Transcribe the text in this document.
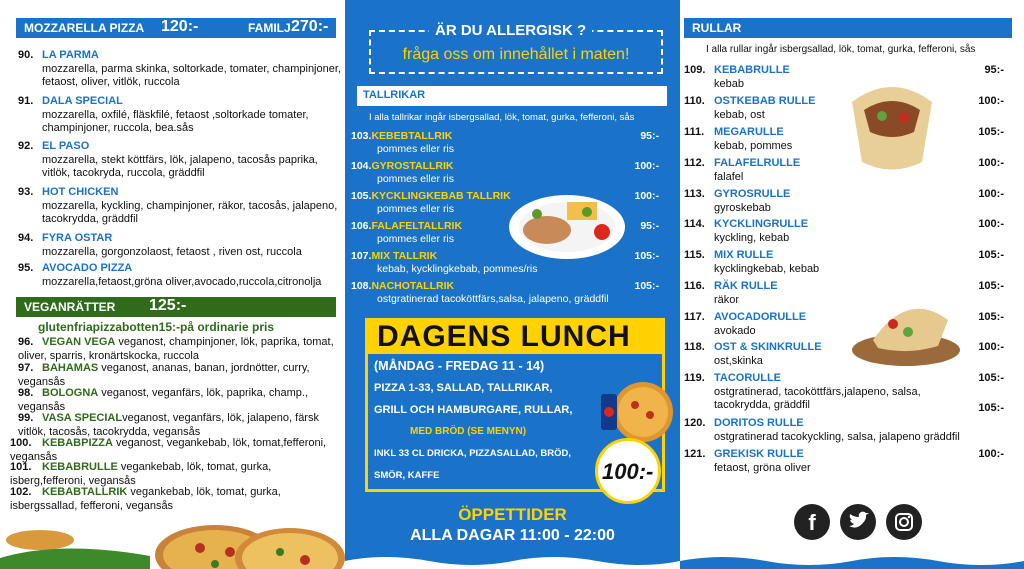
MOZZARELLA PIZZA 120:-	FAMILJ 270:-
90. LA PARMA
mozzarella, parma skinka, soltorkade, tomater, champinjoner, fetaost, oliver, vitlök, ruccola
91. DALA SPECIAL
mozzarella, oxfilé, fläskfilé, fetaost ,soltorkade tomater, champinjoner, ruccola, bea.sås
92. EL PASO
mozzarella, stekt köttfärs, lök, jalapeno, tacosås paprika, vitlök, tacokryda, ruccola, gräddfil
93. HOT CHICKEN
mozzarella, kyckling, champinjoner, räkor, tacosås, jalapeno, tacokrydda, gräddfil
94. FYRA OSTAR
mozzarella, gorgonzolaost, fetaost , riven ost, ruccola
95. AVOCADO PIZZA
mozzarella,fetaost,gröna oliver,avocado,ruccola,citronolja
VEGANRÄTTER 125:-
glutenfriapizzabotten15:-på ordinarie pris
96. VEGAN VEGA veganost, champinjoner, lök, paprika, tomat, oliver, sparris, kronärtskocka, ruccola
97. BAHAMAS veganost, ananas, banan, jordnötter, curry, vegansås
98. BOLOGNA veganost, veganfärs, lök, paprika, champ., vegansås
99. VASA SPECIALveganost, veganfärs, lök, jalapeno, färsk vitlök, tacosås, tacokrydda, vegansås
100. KEBABPIZZA veganost, vegankebab, lök, tomat,fefferoni, vegansås
101. KEBABRULLE vegankebab, lök, tomat, gurka, isberg,fefferoni, vegansås
102. KEBABTALLRIK vegankebab, lök, tomat, gurka, isbergssallad, fefferoni, vegansås
ÄR DU ALLERGISK ?
fråga oss om innehållet i maten!
TALLRIKAR
I alla tallrikar ingår isbergsallad, lök, tomat, gurka, fefferoni, sås
103.KEBEBTALLRIK
pommes eller ris
95:-
104.GYROSTALLRIK
pommes eller ris
100:-
105.KYCKLINGKEBAB TALLRIK
pommes eller ris
100:-
106.FALAFELTALLRIK
pommes eller ris
95:-
107.MIX TALLRIK
kebab, kycklingkebab, pommes/ris
105:-
108.NACHOTALLRIK
ostgratinerad tacoköttfärs,salsa, jalapeno, gräddfil
105:-
DAGENS LUNCH
(MÅNDAG - FREDAG 11 - 14)
PIZZA 1-33, SALLAD, TALLRIKAR,
GRILL OCH HAMBURGARE, RULLAR,
MED BRÖD (SE MENYN)
INKL 33 CL DRICKA, PIZZASALLAD, BRÖD,
SMÖR, KAFFE	100:-
ÖPPETTIDER
ALLA DAGAR 11:00 - 22:00
RULLAR
I alla rullar ingår isbergsallad, lök, tomat, gurka, fefferoni, sås
109. KEBABRULLE
kebab
95:-
110. OSTKEBAB RULLE
kebab, ost
100:-
111. MEGARULLE
kebab, pommes
105:-
112. FALAFELRULLE
falafel
100:-
113. GYROSRULLE
gyroskebab
100:-
114. KYCKLINGRULLE
kyckling, kebab
100:-
115. MIX RULLE
kycklingkebab, kebab
105:-
116. RÄK RULLE
räkor
105:-
117. AVOCADORULLE
avokado
105:-
118. OST & SKINKRULLE
ost,skinka
100:-
119. TACORULLE
ostgratinerad, tacoköttfärs,jalapeno, salsa,
tacokrydda, gräddfil
105:-
105:-
120. DORITOS RULLE
ostgratinerad tacokyckling, salsa, jalapeno gräddfil
121. GREKISK RULLE
fetaost, gröna oliver
100:-
f
